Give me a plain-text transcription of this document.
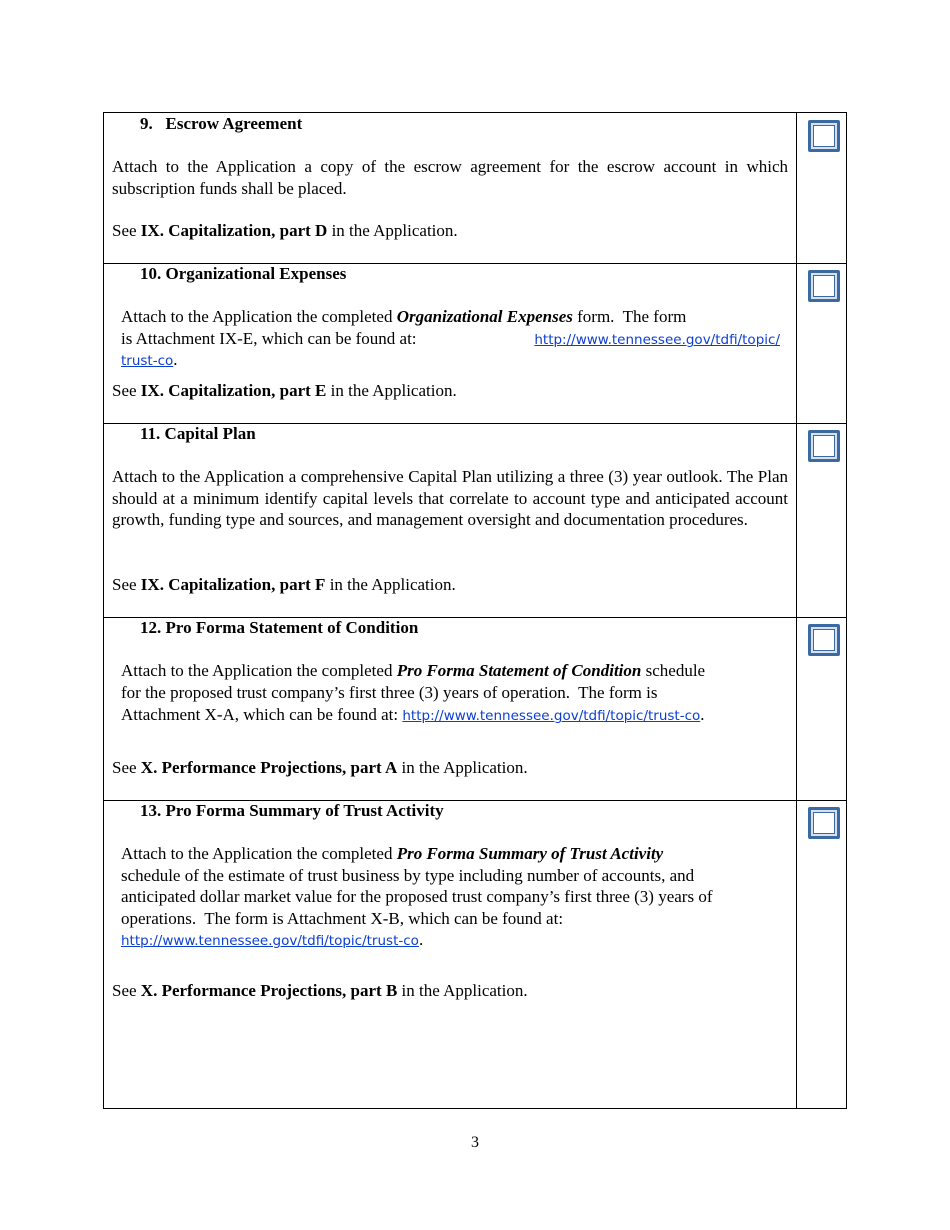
9.   Escrow Agreement

Attach to the Application a copy of the escrow agreement for the escrow account in which subscription funds shall be placed.

See IX. Capitalization, part D in the Application.

10. Organizational Expenses

Attach to the Application the completed Organizational Expenses form.  The form

is Attachment IX-E, which can be found at:	http://www.tennessee.gov/tdfi/topic/

trust-co.

See IX. Capitalization, part E in the Application.

11. Capital Plan

Attach to the Application a comprehensive Capital Plan utilizing a three (3) year outlook. The Plan should at a minimum identify capital levels that correlate to account type and anticipated account growth, funding type and sources, and management oversight and documentation procedures.

See IX. Capitalization, part F in the Application.

12. Pro Forma Statement of Condition

Attach to the Application the completed Pro Forma Statement of Condition schedule

for the proposed trust company’s first three (3) years of operation.  The form is

Attachment X-A, which can be found at: http://www.tennessee.gov/tdfi/topic/trust-co.

See X. Performance Projections, part A in the Application.

13. Pro Forma Summary of Trust Activity

Attach to the Application the completed Pro Forma Summary of Trust Activity

schedule of the estimate of trust business by type including number of accounts, and

anticipated dollar market value for the proposed trust company’s first three (3) years of

operations.  The form is Attachment X-B, which can be found at:

http://www.tennessee.gov/tdfi/topic/trust-co.

See X. Performance Projections, part B in the Application.

3
